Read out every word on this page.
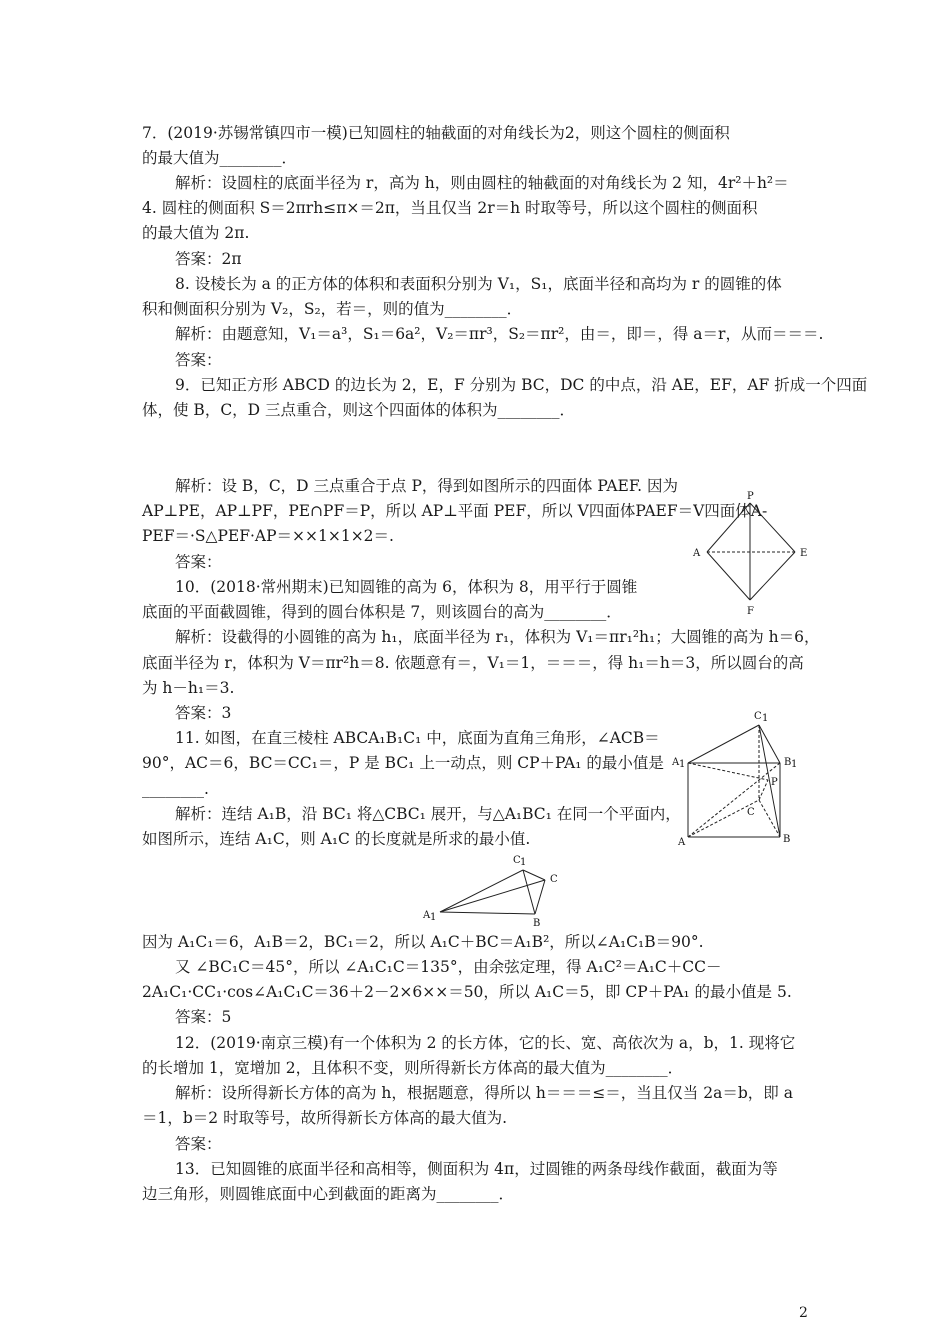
7．(2019·苏锡常镇四市一模)已知圆柱的轴截面的对角线长为2，则这个圆柱的侧面积
的最大值为________．
解析：设圆柱的底面半径为 r，高为 h，则由圆柱的轴截面的对角线长为 2 知，4r²＋h²＝
4. 圆柱的侧面积 S＝2πrh≤π×＝2π，当且仅当 2r＝h 时取等号，所以这个圆柱的侧面积
的最大值为 2π.
答案：2π
8. 设棱长为 a 的正方体的体积和表面积分别为 V₁，S₁，底面半径和高均为 r 的圆锥的体
积和侧面积分别为 V₂，S₂，若＝，则的值为________．
解析：由题意知，V₁＝a³，S₁＝6a²，V₂＝πr³，S₂＝πr²，由＝，即＝，得 a＝r，从而＝＝＝.
答案：
9．已知正方形 ABCD 的边长为 2，E，F 分别为 BC，DC 的中点，沿 AE，EF，AF 折成一个四面
体，使 B，C，D 三点重合，则这个四面体的体积为________．
解析：设 B，C，D 三点重合于点 P，得到如图所示的四面体 PAEF. 因为
AP⊥PE，AP⊥PF，PE∩PF＝P，所以 AP⊥平面 PEF，所以 V四面体PAEF＝V四面体A-
PEF＝·S△PEF·AP＝××1×1×2＝.
答案：
10．(2018·常州期末)已知圆锥的高为 6，体积为 8，用平行于圆锥
底面的平面截圆锥，得到的圆台体积是 7，则该圆台的高为________．
解析：设截得的小圆锥的高为 h₁，底面半径为 r₁，体积为 V₁＝πr₁²h₁；大圆锥的高为 h＝6，
底面半径为 r，体积为 V＝πr²h＝8. 依题意有＝，V₁＝1，＝＝＝，得 h₁＝h＝3，所以圆台的高
为 h－h₁＝3.
答案：3
11. 如图，在直三棱柱 ABCA₁B₁C₁ 中，底面为直角三角形，∠ACB＝
90°，AC＝6，BC＝CC₁＝，P 是 BC₁ 上一动点，则 CP＋PA₁ 的最小值是
________.
解析：连结 A₁B，沿 BC₁ 将△CBC₁ 展开，与△A₁BC₁ 在同一个平面内，
如图所示，连结 A₁C，则 A₁C 的长度就是所求的最小值.
因为 A₁C₁＝6，A₁B＝2，BC₁＝2，所以 A₁C＋BC＝A₁B²，所以∠A₁C₁B＝90°.
又 ∠BC₁C＝45°，所以 ∠A₁C₁C＝135°，由余弦定理，得 A₁C²＝A₁C＋CC－
2A₁C₁·CC₁·cos∠A₁C₁C＝36＋2－2×6××＝50，所以 A₁C＝5，即 CP＋PA₁ 的最小值是 5.
答案：5
12．(2019·南京三模)有一个体积为 2 的长方体，它的长、宽、高依次为 a，b，1. 现将它
的长增加 1，宽增加 2，且体积不变，则所得新长方体高的最大值为________．
解析：设所得新长方体的高为 h，根据题意，得所以 h＝＝＝≤＝，当且仅当 2a＝b，即 a
＝1，b＝2 时取等号，故所得新长方体高的最大值为.
答案：
13．已知圆锥的底面半径和高相等，侧面积为 4π，过圆锥的两条母线作截面，截面为等
边三角形，则圆锥底面中心到截面的距离为________．
P
A	E
F
C 1
A 1	B 1
P
C
A	B
C 1
C
A 1
B
2
